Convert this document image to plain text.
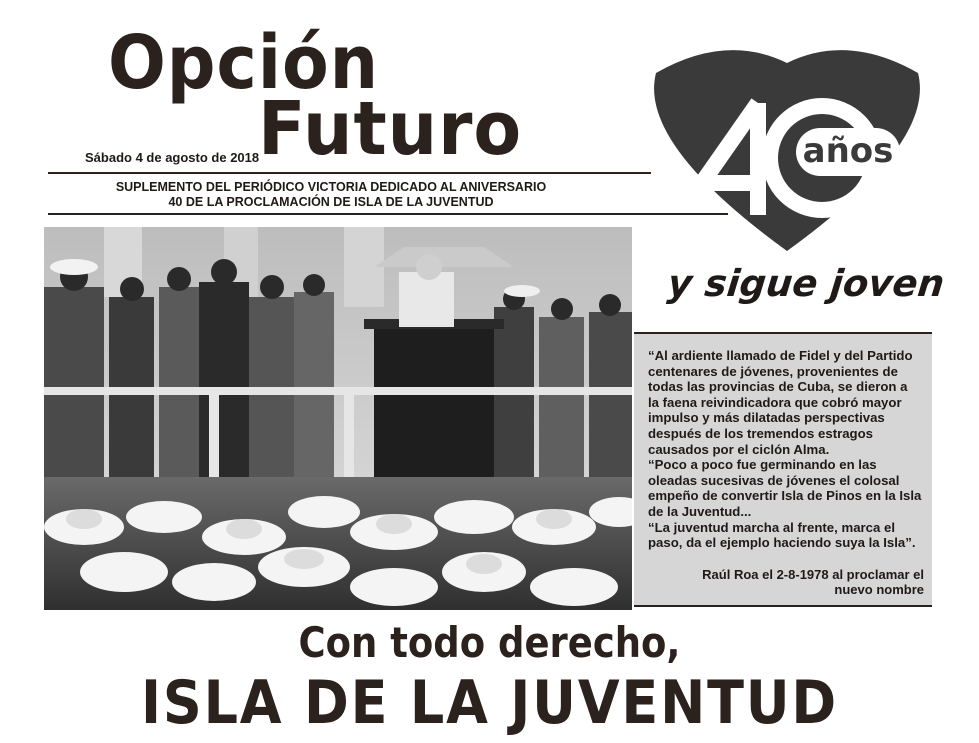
Opción
Futuro
Sábado 4 de agosto de 2018
SUPLEMENTO DEL PERIÓDICO VICTORIA DEDICADO AL ANIVERSARIO
40 DE LA PROCLAMACIÓN DE ISLA DE LA JUVENTUD
años
y sigue joven

“Al ardiente llamado de Fidel y del Partido centenares de jóvenes, provenientes de todas las provincias de Cuba, se dieron a la faena reivindicadora que cobró mayor impulso y más dilatadas perspectivas después de los tremendos estragos causados por el ciclón Alma.

“Poco a poco fue germinando en las oleadas sucesivas de jóvenes el colosal empeño de convertir Isla de Pinos en la Isla de la Juventud...

“La juventud marcha al frente, marca el paso, da el ejemplo haciendo suya la Isla”.

Raúl Roa el 2-8-1978 al proclamar el nuevo nombre
Con todo derecho,
ISLA DE LA JUVENTUD
